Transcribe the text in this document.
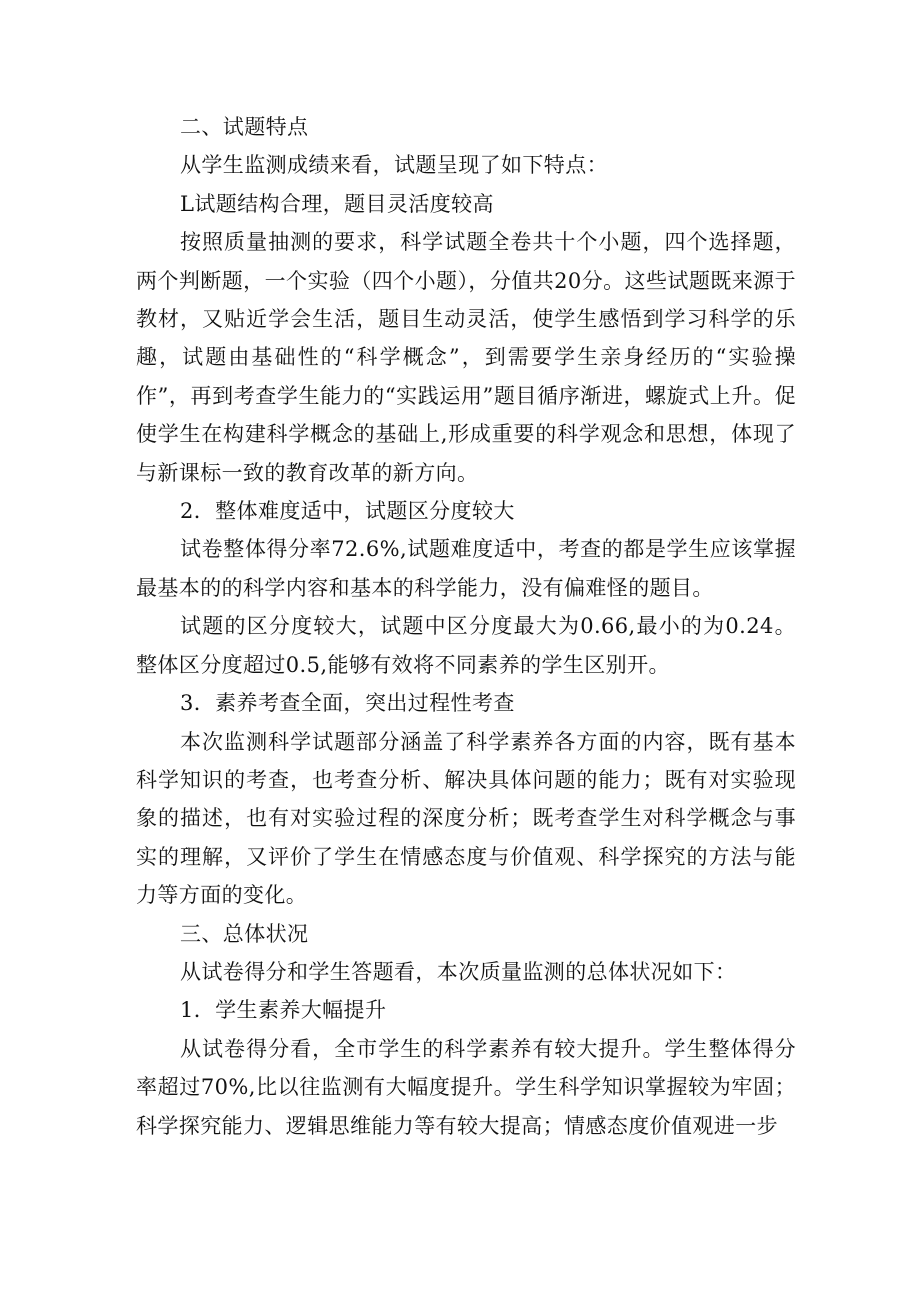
二、试题特点

从学生监测成绩来看，试题呈现了如下特点：

L试题结构合理，题目灵活度较高

按照质量抽测的要求，科学试题全卷共十个小题，四个选择题，两个判断题，一个实验（四个小题），分值共20分。这些试题既来源于教材，又贴近学会生活，题目生动灵活，使学生感悟到学习科学的乐趣，试题由基础性的“科学概念”，到需要学生亲身经历的“实验操作”，再到考查学生能力的“实践运用”题目循序渐进，螺旋式上升。促使学生在构建科学概念的基础上,形成重要的科学观念和思想，体现了与新课标一致的教育改革的新方向。

2．整体难度适中，试题区分度较大

试卷整体得分率72.6%,试题难度适中，考查的都是学生应该掌握最基本的的科学内容和基本的科学能力，没有偏难怪的题目。

试题的区分度较大，试题中区分度最大为0.66,最小的为0.24。整体区分度超过0.5,能够有效将不同素养的学生区别开。

3．素养考查全面，突出过程性考查

本次监测科学试题部分涵盖了科学素养各方面的内容，既有基本科学知识的考查，也考查分析、解决具体问题的能力；既有对实验现象的描述，也有对实验过程的深度分析；既考查学生对科学概念与事实的理解，又评价了学生在情感态度与价值观、科学探究的方法与能力等方面的变化。

三、总体状况

从试卷得分和学生答题看，本次质量监测的总体状况如下：

1．学生素养大幅提升

从试卷得分看，全市学生的科学素养有较大提升。学生整体得分率超过70%,比以往监测有大幅度提升。学生科学知识掌握较为牢固；科学探究能力、逻辑思维能力等有较大提高；情感态度价值观进一步
